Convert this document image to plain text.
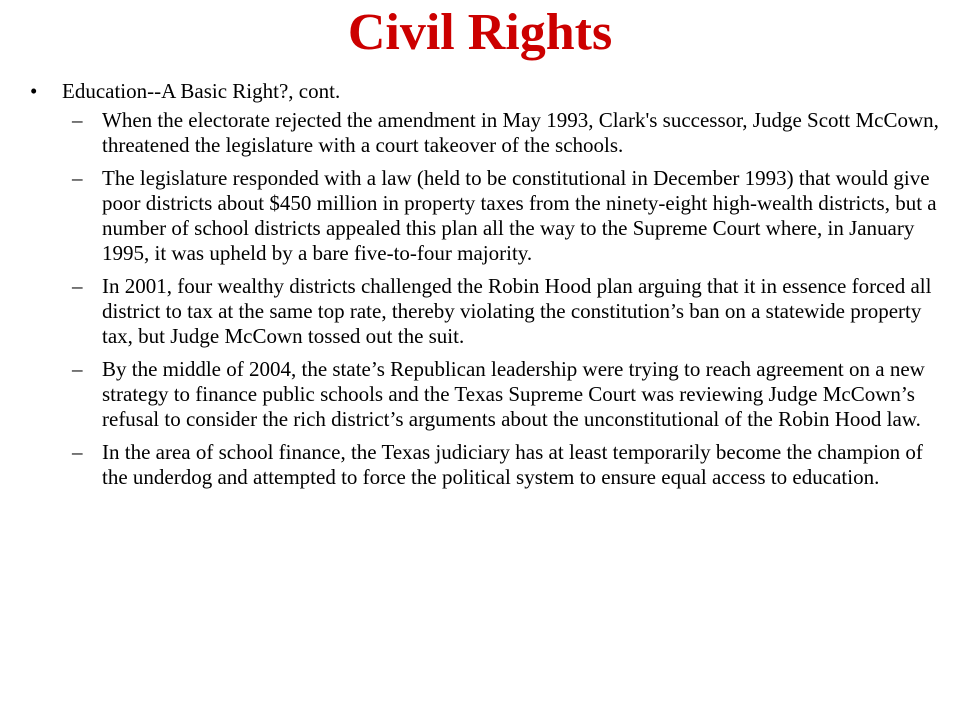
Civil Rights
•	Education--A Basic Right?, cont.
– When the electorate rejected the amendment in May 1993, Clark's successor, Judge Scott McCown, threatened the legislature with a court takeover of the schools.
– The legislature responded with a law (held to be constitutional in December 1993) that would give poor districts about $450 million in property taxes from the ninety-eight high-wealth districts, but a number of school districts appealed this plan all the way to the Supreme Court where, in January 1995, it was upheld by a bare five-to-four majority.
– In 2001, four wealthy districts challenged the Robin Hood plan arguing that it in essence forced all district to tax at the same top rate, thereby violating the constitution’s ban on a statewide property tax, but Judge McCown tossed out the suit.
– By the middle of 2004, the state’s Republican leadership were trying to reach agreement on a new strategy to finance public schools and the Texas Supreme Court was reviewing Judge McCown’s refusal to consider the rich district’s arguments about the unconstitutional of the Robin Hood law.
– In the area of school finance, the Texas judiciary has at least temporarily become the champion of the underdog and attempted to force the political system to ensure equal access to education.
